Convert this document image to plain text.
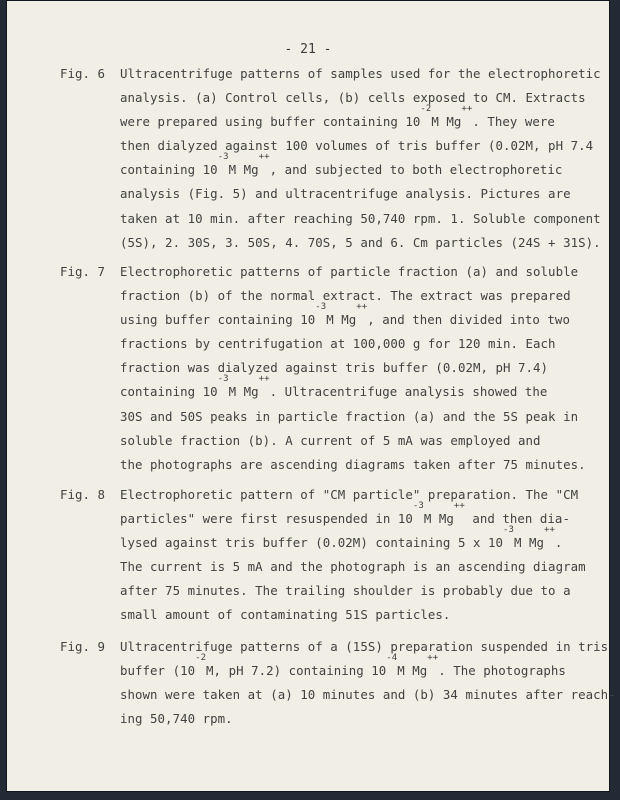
- 21 -
Fig. 6 Ultracentrifuge patterns of samples used for the electrophoretic
analysis. (a) Control cells, (b) cells exposed to CM. Extracts
were prepared using buffer containing $10^{-2}M$ Mg++. They were
then dialyzed against 100 volumes of tris buffer (0.02M, pH 7.4
containing $10^{-3}M$ Mg++, and subjected to both electrophoretic
analysis (Fig. 5) and ultracentrifuge analysis. Pictures are
taken at 10 min. after reaching 50,740 rpm. 1. Soluble component
(5S), 2. 30S, 3. 50S, 4. 70S, 5 and 6. Cm particles (24S + 31S).
Fig. 7 Electrophoretic patterns of particle fraction (a) and soluble
fraction (b) of the normal extract. The extract was prepared
using buffer containing $10^{-3}M$ Mg++, and then divided into two
fractions by centrifugation at 100,000 g for 120 min. Each
fraction was dialyzed against tris buffer (0.02M, pH 7.4)
containing $10^{-3}M$ Mg++. Ultracentrifuge analysis showed the
30S and 50S peaks in particle fraction (a) and the 5S peak in
soluble fraction (b). A current of 5 mA was employed and
the photographs are ascending diagrams taken after 75 minutes.
Fig. 8 Electrophoretic pattern of "CM particle" preparation. The "CM
particles" were first resuspended in $10^{-3}M$ Mg++ and then dia-
lysed against tris buffer (0.02M) containing 5 x $10^{-3}M$ Mg++.
The current is 5 mA and the photograph is an ascending diagram
after 75 minutes. The trailing shoulder is probably due to a
small amount of contaminating 51S particles.
Fig. 9 Ultracentrifuge patterns of a (15S) preparation suspended in tris
buffer ($10^{-2}M$, pH 7.2) containing $10^{-4}M$ Mg++. The photographs
shown were taken at (a) 10 minutes and (b) 34 minutes after reach-
ing 50,740 rpm.
